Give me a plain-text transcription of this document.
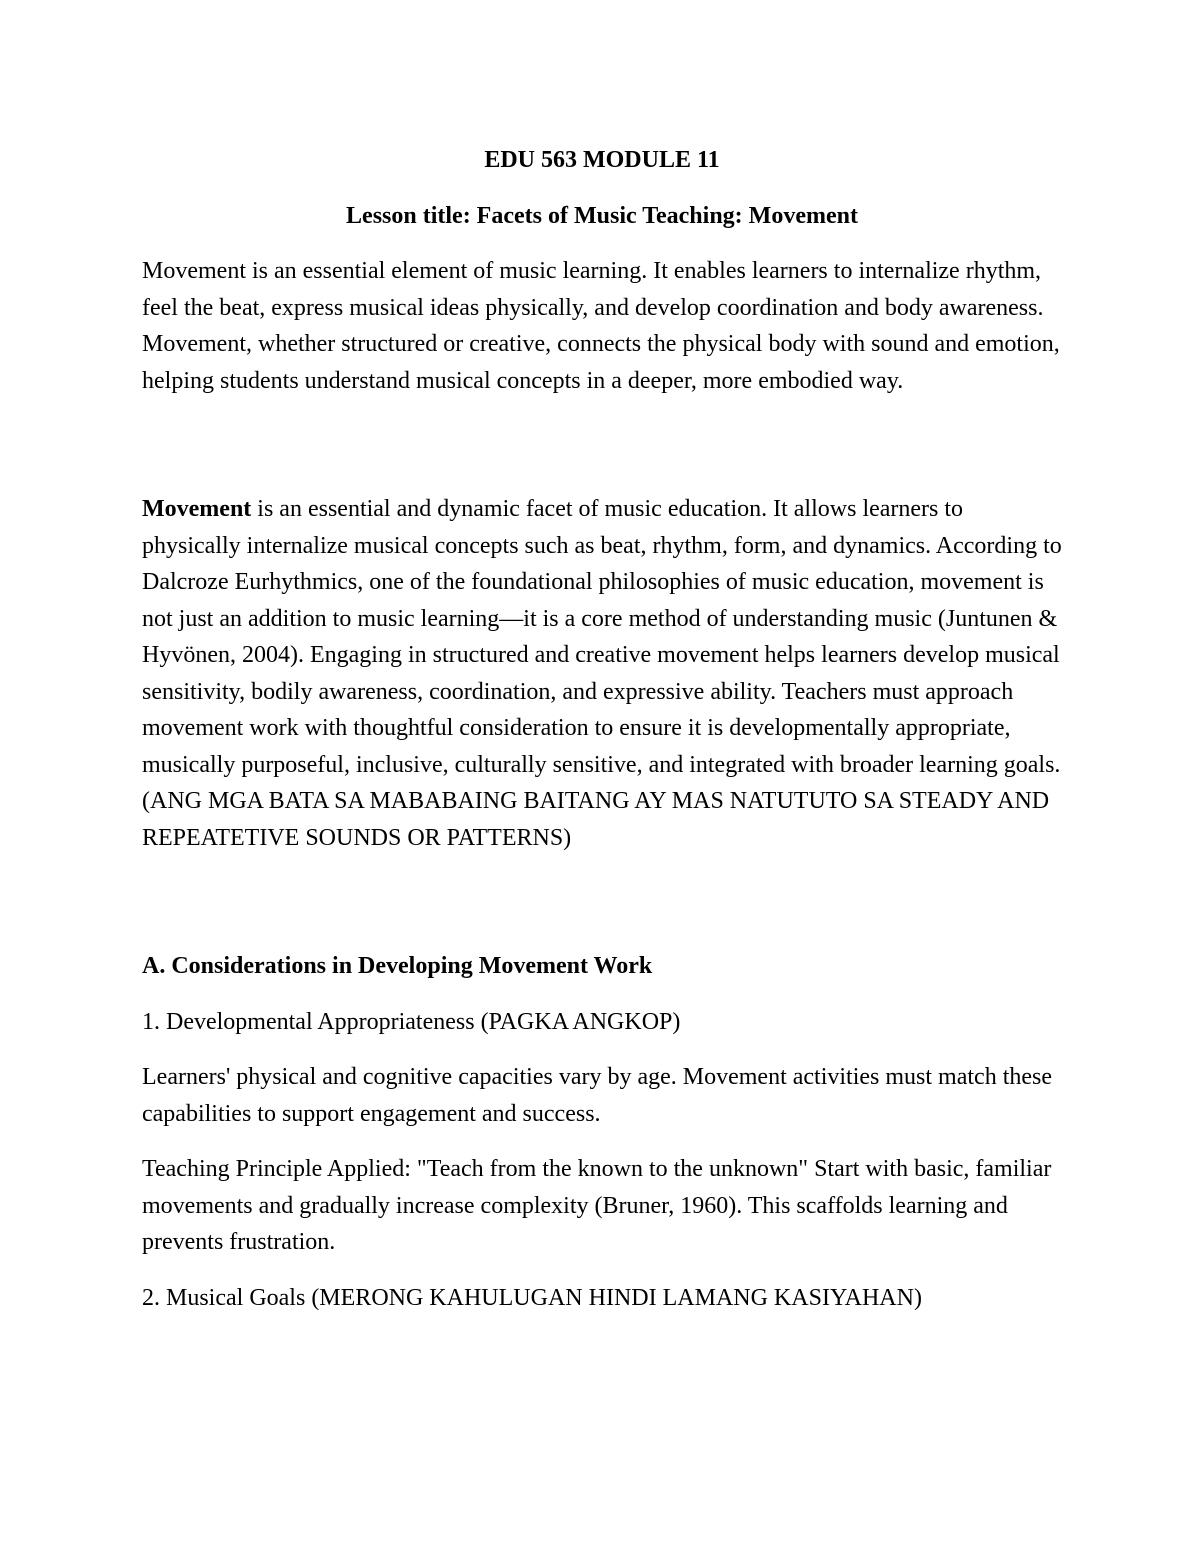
EDU 563 MODULE 11

Lesson title: Facets of Music Teaching: Movement

Movement is an essential element of music learning. It enables learners to internalize rhythm, feel the beat, express musical ideas physically, and develop coordination and body awareness. Movement, whether structured or creative, connects the physical body with sound and emotion, helping students understand musical concepts in a deeper, more embodied way.

Movement is an essential and dynamic facet of music education. It allows learners to physically internalize musical concepts such as beat, rhythm, form, and dynamics. According to Dalcroze Eurhythmics, one of the foundational philosophies of music education, movement is not just an addition to music learning—it is a core method of understanding music (Juntunen & Hyvönen, 2004). Engaging in structured and creative movement helps learners develop musical sensitivity, bodily awareness, coordination, and expressive ability. Teachers must approach movement work with thoughtful consideration to ensure it is developmentally appropriate, musically purposeful, inclusive, culturally sensitive, and integrated with broader learning goals. (ANG MGA BATA SA MABABAING BAITANG AY MAS NATUTUTO SA STEADY AND REPEATETIVE SOUNDS OR PATTERNS)

A. Considerations in Developing Movement Work

1. Developmental Appropriateness (PAGKA ANGKOP)

Learners' physical and cognitive capacities vary by age. Movement activities must match these capabilities to support engagement and success.

Teaching Principle Applied: "Teach from the known to the unknown" Start with basic, familiar movements and gradually increase complexity (Bruner, 1960). This scaffolds learning and prevents frustration.

2. Musical Goals (MERONG KAHULUGAN HINDI LAMANG KASIYAHAN)
